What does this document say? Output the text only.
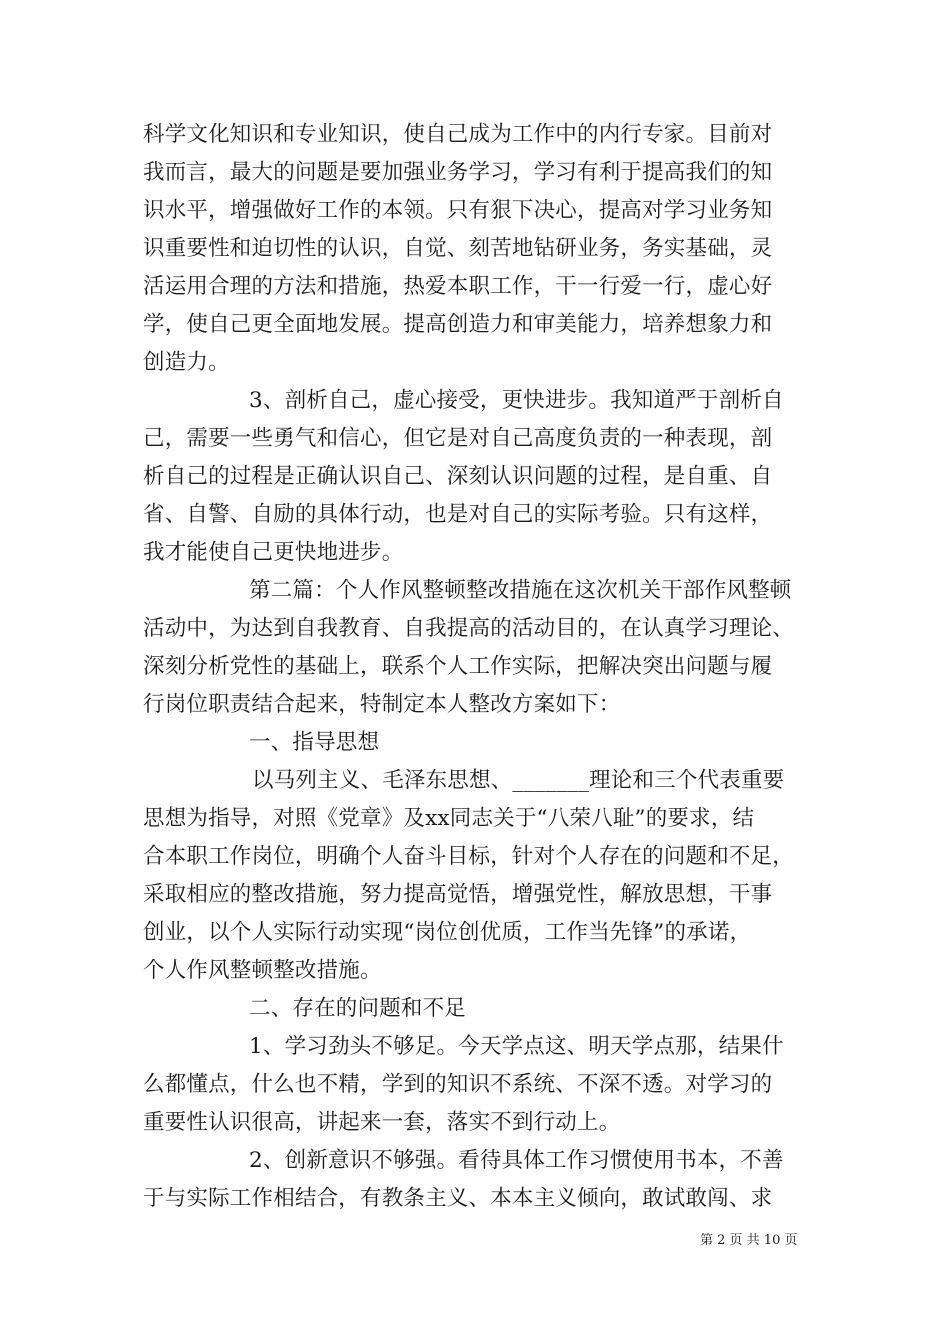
科学文化知识和专业知识，使自己成为工作中的内行专家。目前对
我而言，最大的问题是要加强业务学习，学习有利于提高我们的知
识水平，增强做好工作的本领。只有狠下决心，提高对学习业务知
识重要性和迫切性的认识，自觉、刻苦地钻研业务，务实基础，灵
活运用合理的方法和措施，热爱本职工作，干一行爱一行，虚心好
学，使自己更全面地发展。提高创造力和审美能力，培养想象力和
创造力。
3、剖析自己，虚心接受，更快进步。我知道严于剖析自
己，需要一些勇气和信心，但它是对自己高度负责的一种表现，剖
析自己的过程是正确认识自己、深刻认识问题的过程，是自重、自
省、自警、自励的具体行动，也是对自己的实际考验。只有这样，
我才能使自己更快地进步。
第二篇：个人作风整顿整改措施在这次机关干部作风整顿
活动中，为达到自我教育、自我提高的活动目的，在认真学习理论、
深刻分析党性的基础上，联系个人工作实际，把解决突出问题与履
行岗位职责结合起来，特制定本人整改方案如下：
一、指导思想
以马列主义、毛泽东思想、_______理论和三个代表重要
思想为指导，对照《党章》及xx同志关于“八荣八耻”的要求，结
合本职工作岗位，明确个人奋斗目标，针对个人存在的问题和不足，
采取相应的整改措施，努力提高觉悟，增强党性，解放思想，干事
创业，以个人实际行动实现“岗位创优质，工作当先锋”的承诺，
个人作风整顿整改措施。
二、存在的问题和不足
1、学习劲头不够足。今天学点这、明天学点那，结果什
么都懂点，什么也不精，学到的知识不系统、不深不透。对学习的
重要性认识很高，讲起来一套，落实不到行动上。
2、创新意识不够强。看待具体工作习惯使用书本，不善
于与实际工作相结合，有教条主义、本本主义倾向，敢试敢闯、求
第 2 页 共 10 页
